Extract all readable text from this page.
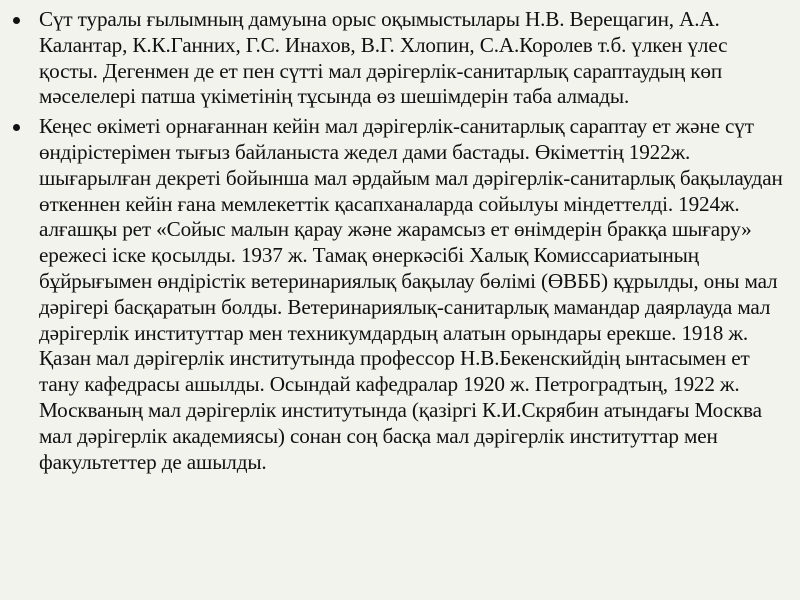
Сүт туралы ғылымның дамуына орыс оқымыстылары Н.В. Верещагин, А.А. Калантар, К.К.Ганних, Г.С. Инахов, В.Г. Хлопин, С.А.Королев т.б. үлкен үлес қосты. Дегенмен де ет пен сүтті мал дәрігерлік-санитарлық сараптаудың көп мәселелері патша үкіметінің тұсында өз шешімдерін таба алмады.
Кеңес өкіметі орнағаннан кейін мал дәрігерлік-санитарлық сараптау ет және сүт өндірістерімен тығыз байланыста жедел дами бастады. Өкіметтің 1922ж. шығарылған декреті бойынша мал әрдайым мал дәрігерлік-санитарлық бақылаудан өткеннен кейін ғана мемлекеттік қасапханаларда сойылуы міндеттелді. 1924ж. алғашқы рет «Сойыс малын қарау және жарамсыз ет өнімдерін бракқа шығару» ережесі іске қосылды. 1937 ж. Тамақ өнеркәсібі Халық Комиссариатының бұйрығымен өндірістік ветеринариялық бақылау бөлімі (ӨВББ) құрылды, оны мал дәрігері басқаратын болды. Ветеринариялық-санитарлық мамандар даярлауда мал дәрігерлік институттар мен техникумдардың алатын орындары ерекше. 1918 ж. Қазан мал дәрігерлік институтында профессор Н.В.Бекенскийдің ынтасымен ет тану кафедрасы ашылды. Осындай кафедралар 1920 ж. Петроградтың, 1922 ж. Москваның мал дәрігерлік институтында (қазіргі К.И.Скрябин атындағы Москва мал дәрігерлік академиясы) сонан соң басқа мал дәрігерлік институттар мен факультеттер де ашылды.
